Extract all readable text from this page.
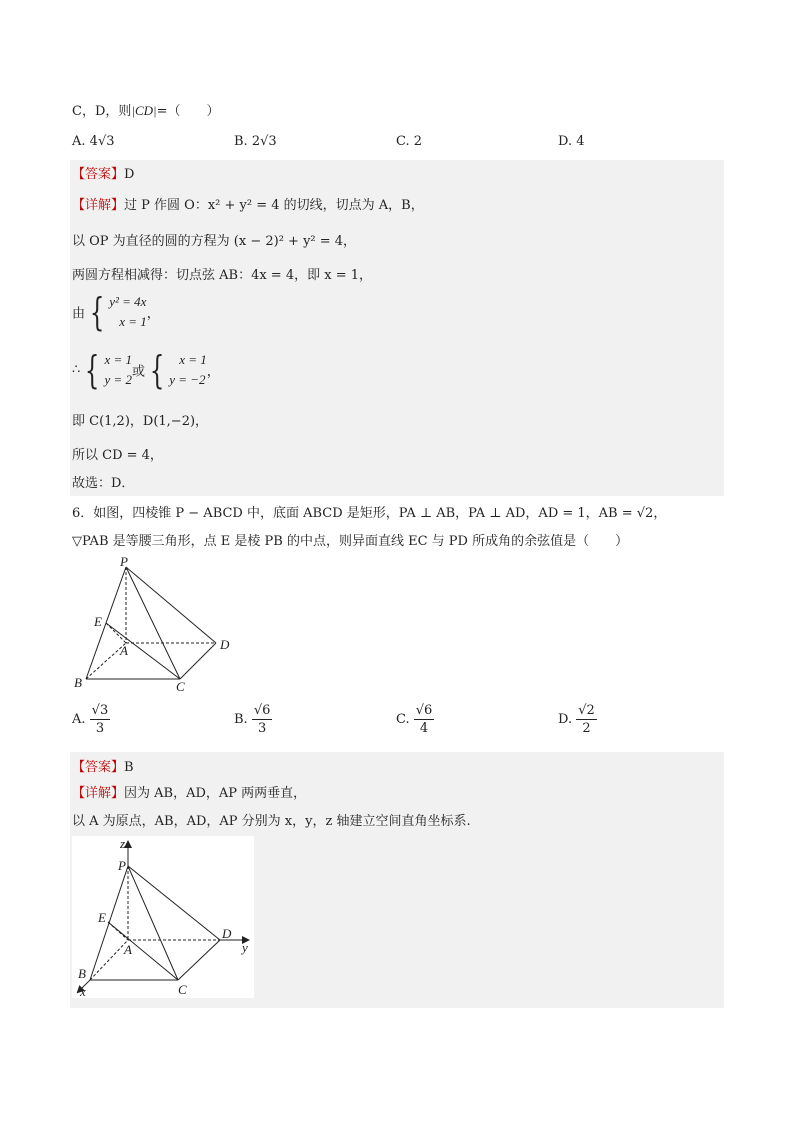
C，D，则|CD|=（　　）
A. 4√3	B. 2√3	C. 2	D. 4
【答案】D
【详解】过 P 作圆 O：x² + y² = 4 的切线，切点为 A，B，
以 OP 为直径的圆的方程为 (x − 2)² + y² = 4，
两圆方程相减得：切点弦 AB：4x = 4，即 x = 1，
由 { y² = 4x
x = 1 ，
∴ { x = 1
y = 2 或 {	x = 1
y = −2 ，
即 C(1,2)，D(1,−2)，
所以 CD = 4，
故选：D．
6．如图，四棱锥 P − ABCD 中，底面 ABCD 是矩形，PA ⊥ AB，PA ⊥ AD，AD = 1，AB = √2，
▽PAB 是等腰三角形，点 E 是棱 PB 的中点，则异面直线 EC 与 PD 所成角的余弦值是（　　）
P
E
A	D
B	C
A. $\frac{√3}{3}$	B. $\frac{√6}{3}$	C. $\frac{√6}{4}$	D. $\frac{√2}{2}$
【答案】B
【详解】因为 AB，AD，AP 两两垂直，
以 A 为原点，AB，AD，AP 分别为 x，y，z 轴建立空间直角坐标系.
z
P
E
A
D
y
B
C
x
